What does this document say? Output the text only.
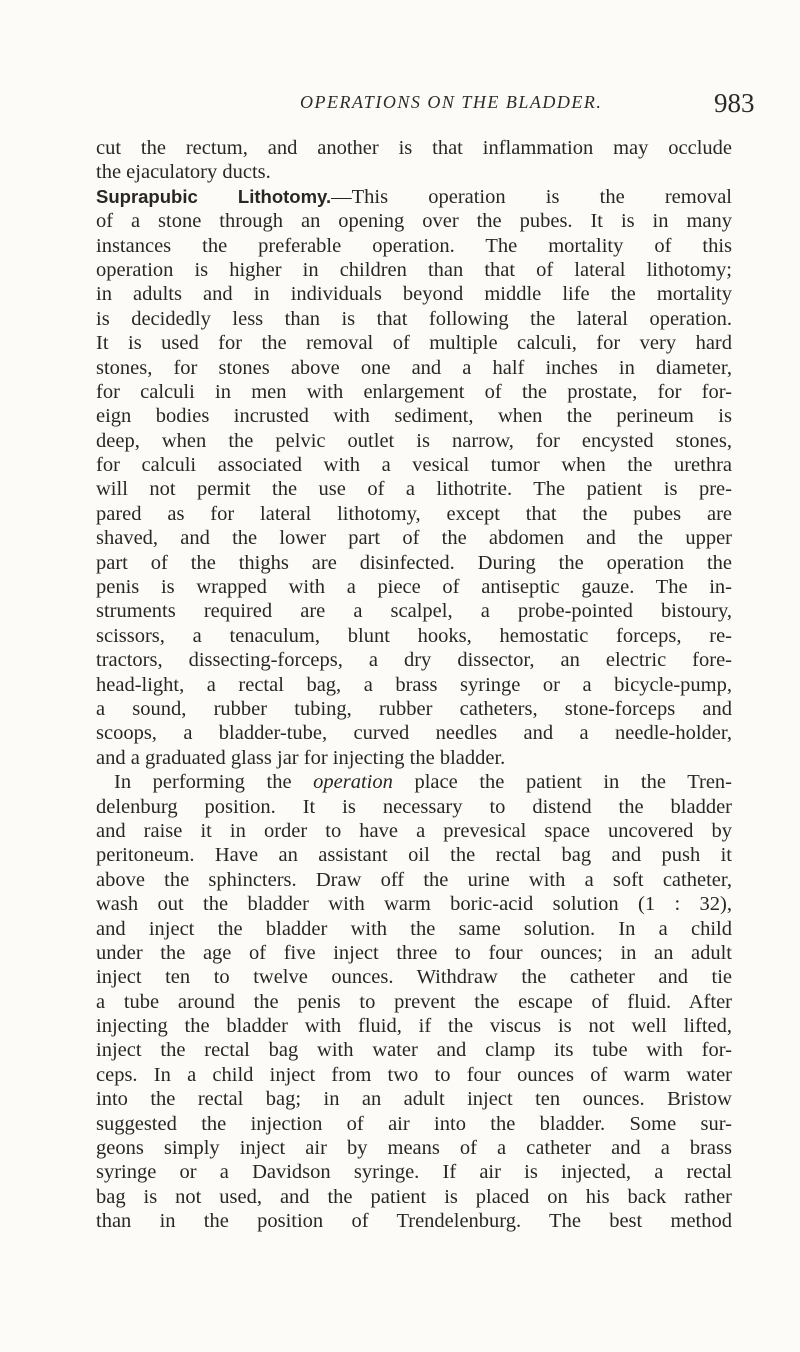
OPERATIONS ON THE BLADDER.	983
cut the rectum, and another is that inflammation may occlude
the ejaculatory ducts.
Suprapubic Lithotomy.—This operation is the removal
of a stone through an opening over the pubes. It is in many
instances the preferable operation. The mortality of this
operation is higher in children than that of lateral lithotomy;
in adults and in individuals beyond middle life the mortality
is decidedly less than is that following the lateral operation.
It is used for the removal of multiple calculi, for very hard
stones, for stones above one and a half inches in diameter,
for calculi in men with enlargement of the prostate, for for-
eign bodies incrusted with sediment, when the perineum is
deep, when the pelvic outlet is narrow, for encysted stones,
for calculi associated with a vesical tumor when the urethra
will not permit the use of a lithotrite. The patient is pre-
pared as for lateral lithotomy, except that the pubes are
shaved, and the lower part of the abdomen and the upper
part of the thighs are disinfected. During the operation the
penis is wrapped with a piece of antiseptic gauze. The in-
struments required are a scalpel, a probe-pointed bistoury,
scissors, a tenaculum, blunt hooks, hemostatic forceps, re-
tractors, dissecting-forceps, a dry dissector, an electric fore-
head-light, a rectal bag, a brass syringe or a bicycle-pump,
a sound, rubber tubing, rubber catheters, stone-forceps and
scoops, a bladder-tube, curved needles and a needle-holder,
and a graduated glass jar for injecting the bladder.
In performing the operation place the patient in the Tren-
delenburg position. It is necessary to distend the bladder
and raise it in order to have a prevesical space uncovered by
peritoneum. Have an assistant oil the rectal bag and push it
above the sphincters. Draw off the urine with a soft catheter,
wash out the bladder with warm boric-acid solution (1 : 32),
and inject the bladder with the same solution. In a child
under the age of five inject three to four ounces; in an adult
inject ten to twelve ounces. Withdraw the catheter and tie
a tube around the penis to prevent the escape of fluid. After
injecting the bladder with fluid, if the viscus is not well lifted,
inject the rectal bag with water and clamp its tube with for-
ceps. In a child inject from two to four ounces of warm water
into the rectal bag; in an adult inject ten ounces. Bristow
suggested the injection of air into the bladder. Some sur-
geons simply inject air by means of a catheter and a brass
syringe or a Davidson syringe. If air is injected, a rectal
bag is not used, and the patient is placed on his back rather
than in the position of Trendelenburg. The best method
